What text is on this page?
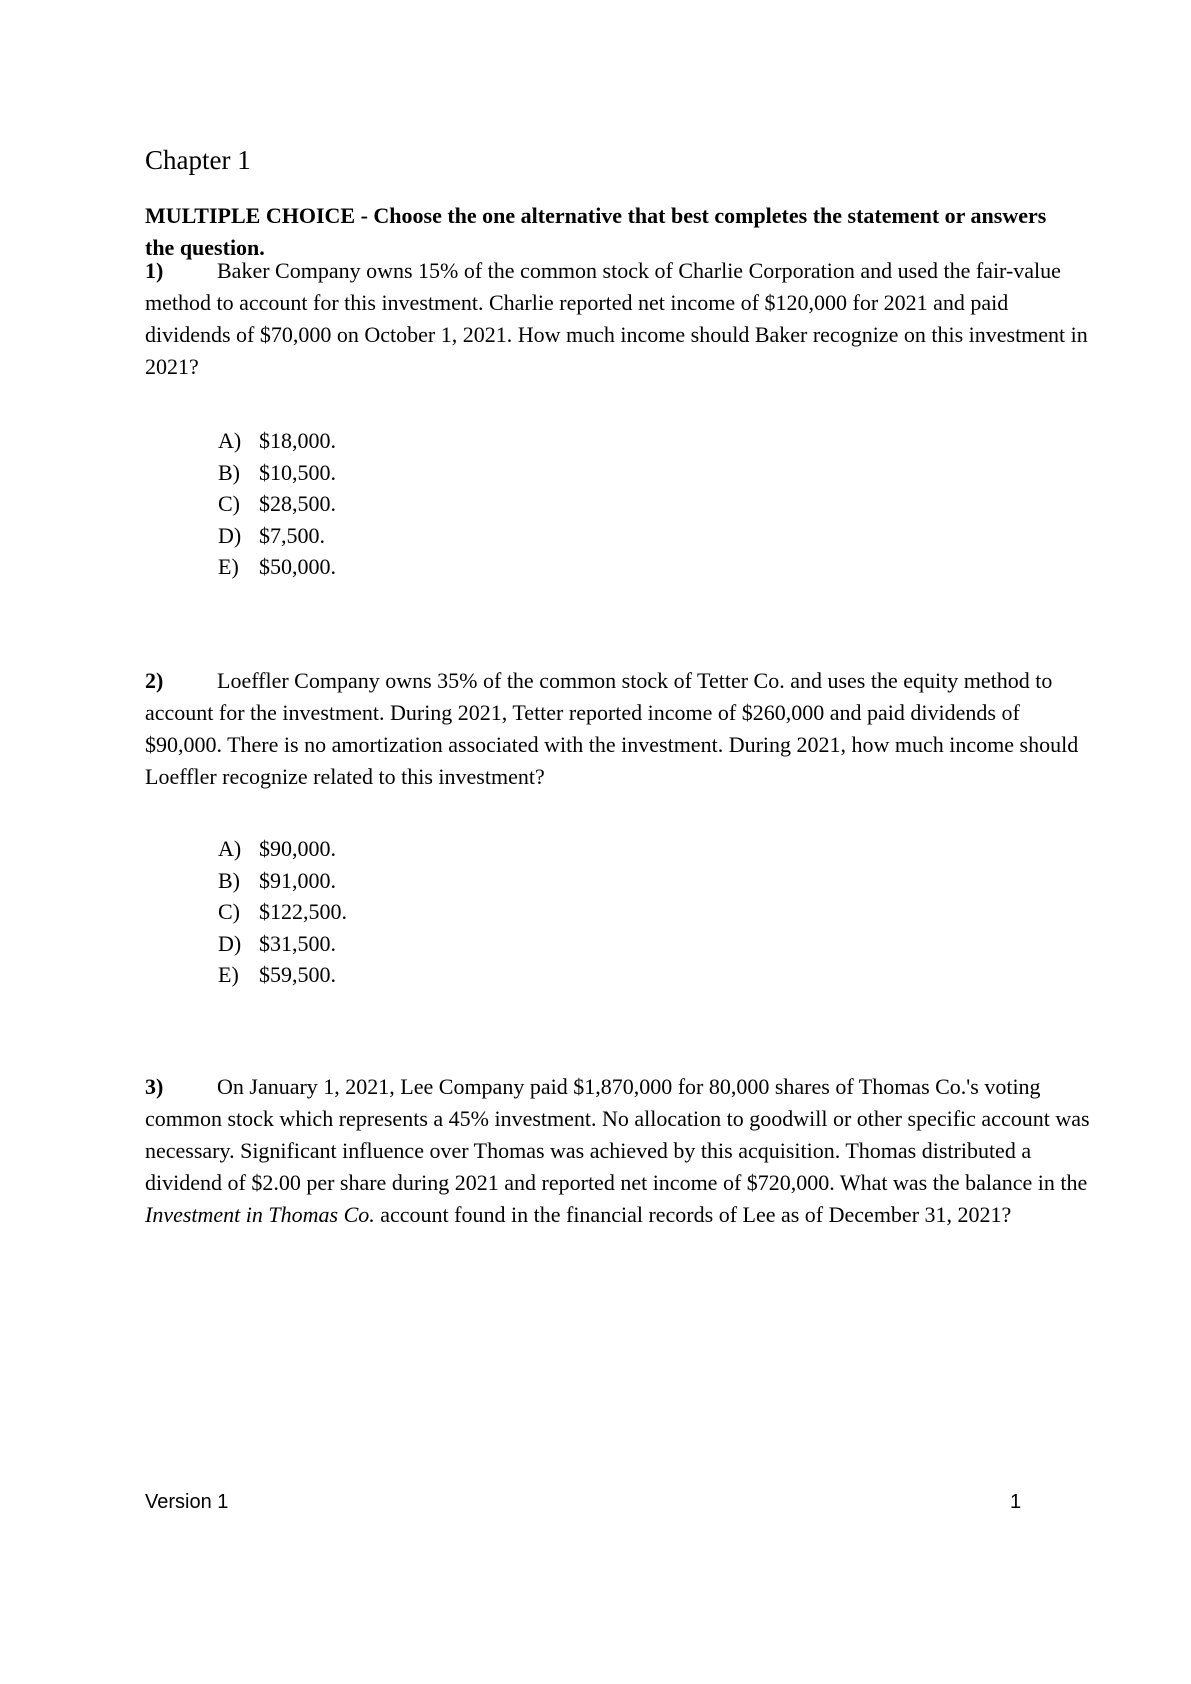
Chapter 1

MULTIPLE CHOICE - Choose the one alternative that best completes the statement or answers the question.

1) Baker Company owns 15% of the common stock of Charlie Corporation and used the fair-value method to account for this investment. Charlie reported net income of $120,000 for 2021 and paid dividends of $70,000 on October 1, 2021. How much income should Baker recognize on this investment in 2021?

A) $18,000.
B) $10,500.
C) $28,500.
D) $7,500.
E) $50,000.

2) Loeffler Company owns 35% of the common stock of Tetter Co. and uses the equity method to account for the investment. During 2021, Tetter reported income of $260,000 and paid dividends of $90,000. There is no amortization associated with the investment. During 2021, how much income should Loeffler recognize related to this investment?

A) $90,000.
B) $91,000.
C) $122,500.
D) $31,500.
E) $59,500.

3) On January 1, 2021, Lee Company paid $1,870,000 for 80,000 shares of Thomas Co.'s voting common stock which represents a 45% investment. No allocation to goodwill or other specific account was necessary. Significant influence over Thomas was achieved by this acquisition. Thomas distributed a dividend of $2.00 per share during 2021 and reported net income of $720,000. What was the balance in the Investment in Thomas Co. account found in the financial records of Lee as of December 31, 2021?

Version 1	1
